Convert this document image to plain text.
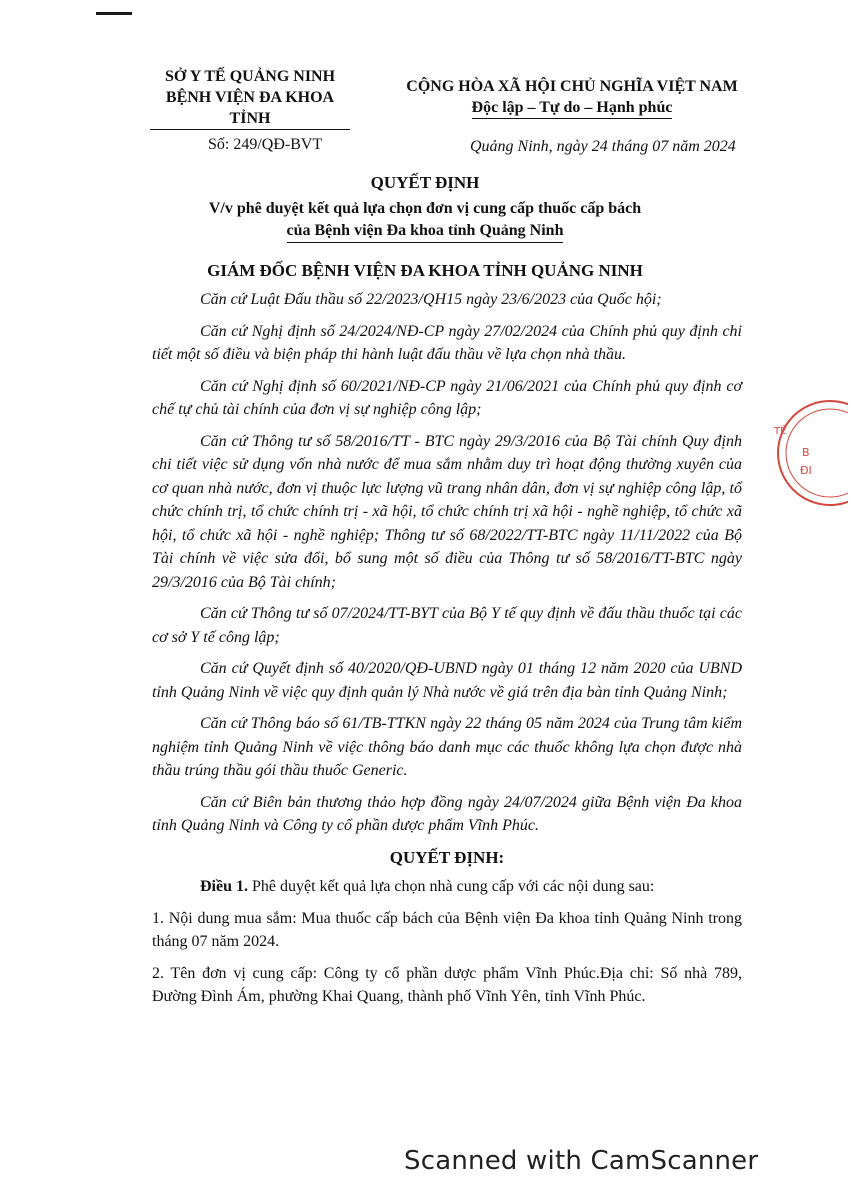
SỞ Y TẾ QUẢNG NINH
BỆNH VIỆN ĐA KHOA TỈNH
CỘNG HÒA XÃ HỘI CHỦ NGHĨA VIỆT NAM
Độc lập – Tự do – Hạnh phúc
Số: 249/QĐ-BVT	Quảng Ninh, ngày 24 tháng 07 năm 2024
QUYẾT ĐỊNH
V/v phê duyệt kết quả lựa chọn đơn vị cung cấp thuốc cấp bách
của Bệnh viện Đa khoa tỉnh Quảng Ninh
GIÁM ĐỐC BỆNH VIỆN ĐA KHOA TỈNH QUẢNG NINH

Căn cứ Luật Đấu thầu số 22/2023/QH15 ngày 23/6/2023 của Quốc hội;

Căn cứ Nghị định số 24/2024/NĐ-CP ngày 27/02/2024 của Chính phủ quy định chi tiết một số điều và biện pháp thi hành luật đấu thầu về lựa chọn nhà thầu.

Căn cứ Nghị định số 60/2021/NĐ-CP ngày 21/06/2021 của Chính phủ quy định cơ chế tự chủ tài chính của đơn vị sự nghiệp công lập;

Căn cứ Thông tư số 58/2016/TT - BTC ngày 29/3/2016 của Bộ Tài chính Quy định chi tiết việc sử dụng vốn nhà nước để mua sắm nhằm duy trì hoạt động thường xuyên của cơ quan nhà nước, đơn vị thuộc lực lượng vũ trang nhân dân, đơn vị sự nghiệp công lập, tổ chức chính trị, tổ chức chính trị - xã hội, tổ chức chính trị xã hội - nghề nghiệp, tổ chức xã hội, tổ chức xã hội - nghề nghiệp; Thông tư số 68/2022/TT-BTC ngày 11/11/2022 của Bộ Tài chính về việc sửa đổi, bổ sung một số điều của Thông tư số 58/2016/TT-BTC ngày 29/3/2016 của Bộ Tài chính;

Căn cứ Thông tư số 07/2024/TT-BYT của Bộ Y tế quy định về đấu thầu thuốc tại các cơ sở Y tế công lập;

Căn cứ Quyết định số 40/2020/QĐ-UBND ngày 01 tháng 12 năm 2020 của UBND tỉnh Quảng Ninh về việc quy định quản lý Nhà nước về giá trên địa bàn tỉnh Quảng Ninh;

Căn cứ Thông báo số 61/TB-TTKN ngày 22 tháng 05 năm 2024 của Trung tâm kiểm nghiệm tỉnh Quảng Ninh về việc thông báo danh mục các thuốc không lựa chọn được nhà thầu trúng thầu gói thầu thuốc Generic.

Căn cứ Biên bản thương thảo hợp đồng ngày 24/07/2024 giữa Bệnh viện Đa khoa tỉnh Quảng Ninh và Công ty cổ phần dược phẩm Vĩnh Phúc.

QUYẾT ĐỊNH:

Điều 1. Phê duyệt kết quả lựa chọn nhà cung cấp với các nội dung sau:

1. Nội dung mua sắm: Mua thuốc cấp bách của Bệnh viện Đa khoa tỉnh Quảng Ninh trong tháng 07 năm 2024.

2. Tên đơn vị cung cấp: Công ty cổ phần dược phẩm Vĩnh Phúc.Địa chỉ: Số nhà 789, Đường Đình Ám, phường Khai Quang, thành phố Vĩnh Yên, tỉnh Vĩnh Phúc.

TẾ
B
ĐI
Scanned with CamScanner
